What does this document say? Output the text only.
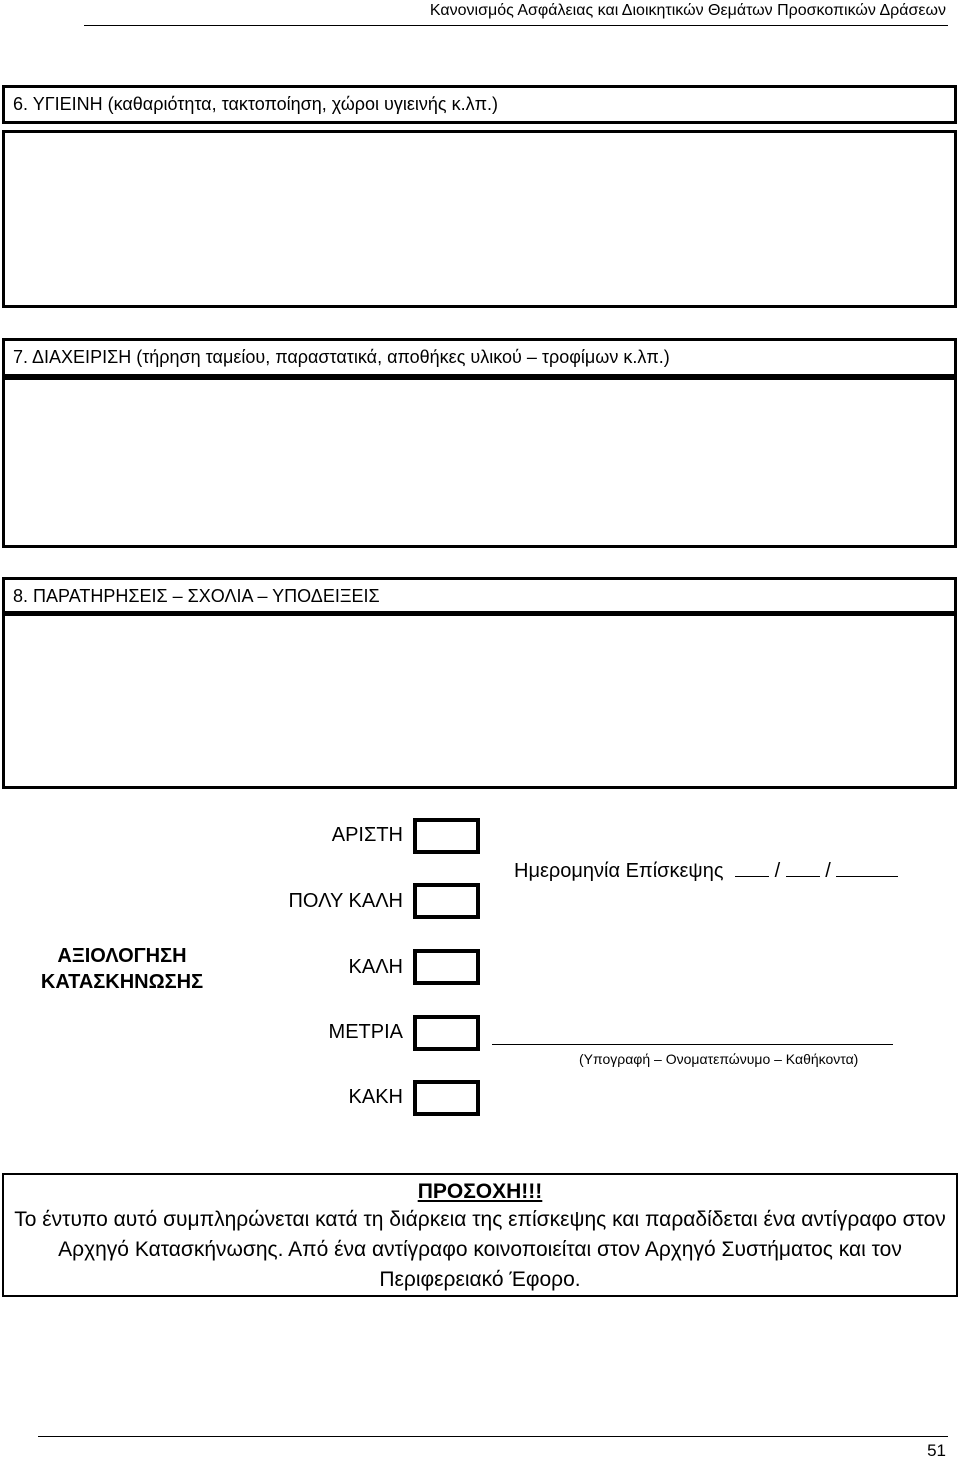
Κανονισμός Ασφάλειας και Διοικητικών Θεμάτων Προσκοπικών Δράσεων
6. ΥΓΙΕΙΝΗ (καθαριότητα, τακτοποίηση, χώροι υγιεινής κ.λπ.)
7. ΔΙΑΧΕΙΡΙΣΗ (τήρηση ταμείου, παραστατικά, αποθήκες υλικού – τροφίμων κ.λπ.)
8. ΠΑΡΑΤΗΡΗΣΕΙΣ – ΣΧΟΛΙΑ – ΥΠΟΔΕΙΞΕΙΣ
ΑΞΙΟΛΟΓΗΣΗ ΚΑΤΑΣΚΗΝΩΣΗΣ
ΑΡΙΣΤΗ
ΠΟΛΥ ΚΑΛΗ
ΚΑΛΗ
ΜΕΤΡΙΑ
ΚΑΚΗ
Ημερομηνία Επίσκεψης	/ /
(Υπογραφή – Ονοματεπώνυμο – Καθήκοντα)
ΠΡΟΣΟΧΗ!!!
Το έντυπο αυτό συμπληρώνεται κατά τη διάρκεια της επίσκεψης και παραδίδεται ένα αντίγραφο στον Αρχηγό Κατασκήνωσης. Από ένα αντίγραφο κοινοποιείται στον Αρχηγό Συστήματος και τον Περιφερειακό Έφορο.
51
